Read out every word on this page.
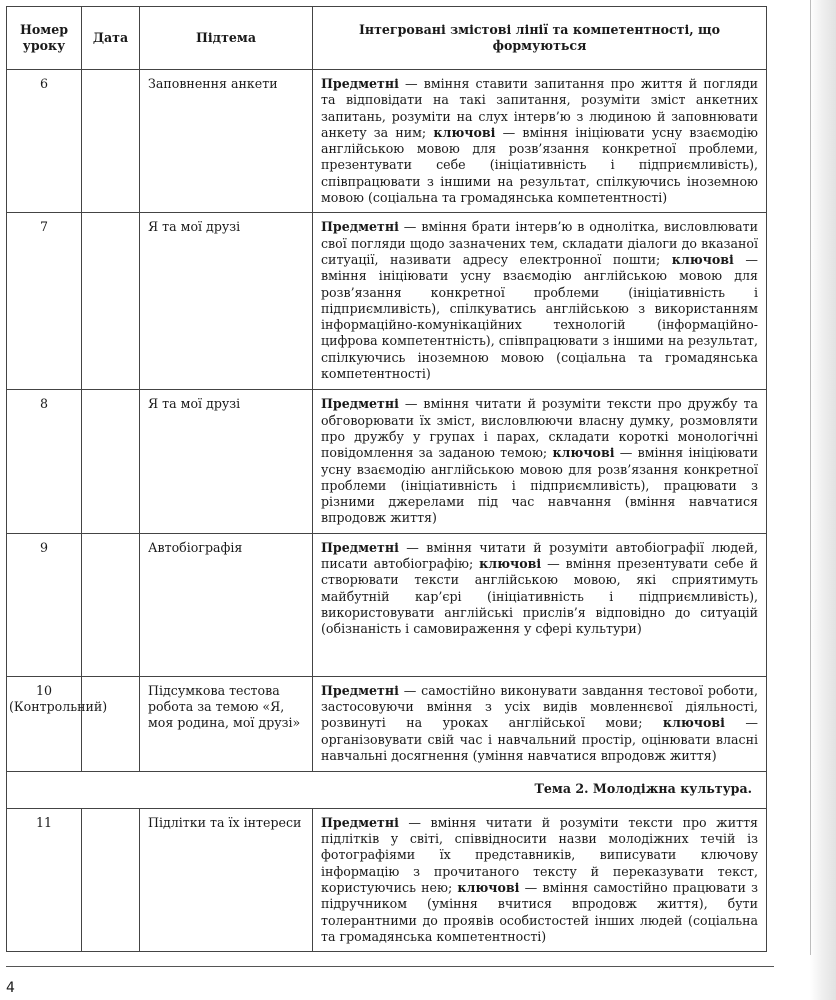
Номер уроку	Дата	Підтема	Інтегровані змістові лінії та компетентності, що формуються
6		Заповнення анкети	Предметні — вміння ставити запитання про життя й погляди та відповідати на такі запитання, розуміти зміст анкетних запитань, розуміти на слух інтерв’ю з людиною й заповнювати анкету за ним; ключові — вміння ініціювати усну взаємодію англійською мовою для розв’язання конкретної проблеми, презентувати себе (ініціативність і підприємливість), співпрацювати з іншими на результат, спілкуючись іноземною мовою (соціальна та громадянська компетентності)
7		Я та мої друзі	Предметні — вміння брати інтерв’ю в однолітка, висловлювати свої погляди щодо зазначених тем, складати діалоги до вказаної ситуації, називати адресу електронної пошти; ключові — вміння ініціювати усну взаємодію англійською мовою для розв’язання конкретної проблеми (ініціативність і підприємливість), спілкуватись англійською з використанням інформаційно-комунікаційних технологій (інформаційно-цифрова компетентність), співпрацювати з іншими на результат, спілкуючись іноземною мовою (соціальна та громадянська компетентності)
8		Я та мої друзі	Предметні — вміння читати й розуміти тексти про дружбу та обговорювати їх зміст, висловлюючи власну думку, розмовляти про дружбу у групах і парах, складати короткі монологічні повідомлення за заданою темою; ключові — вміння ініціювати усну взаємодію англійською мовою для розв’язання конкретної проблеми (ініціативність і підприємливість), працювати з різними джерелами під час навчання (вміння навчатися впродовж життя)
9		Автобіографія	Предметні — вміння читати й розуміти автобіографії людей, писати автобіографію; ключові — вміння презентувати себе й створювати тексти англійською мовою, які сприятимуть майбутній кар’єрі (ініціативність і підприємливість), використовувати англійські прислів’я відповідно до ситуацій (обізнаність і самовираження у сфері культури)
10 (Контрольний)		Підсумкова тестова робота за темою «Я, моя родина, мої друзі»	Предметні — самостійно виконувати завдання тестової роботи, застосовуючи вміння з усіх видів мовленнєвої діяльності, розвинуті на уроках англійської мови; ключові — організовувати свій час і навчальний простір, оцінювати власні навчальні досягнення (уміння навчатися впродовж життя)
Тема 2. Молодіжна культура.			
11		Підлітки та їх інтереси	Предметні — вміння читати й розуміти тексти про життя підлітків у світі, співвідносити назви молодіжних течій із фотографіями їх представників, виписувати ключову інформацію з прочитаного тексту й переказувати текст, користуючись нею; ключові — вміння самостійно працювати з підручником (уміння вчитися впродовж життя), бути толерантними до проявів особистостей інших людей (соціальна та громадянська компетентності)
4
